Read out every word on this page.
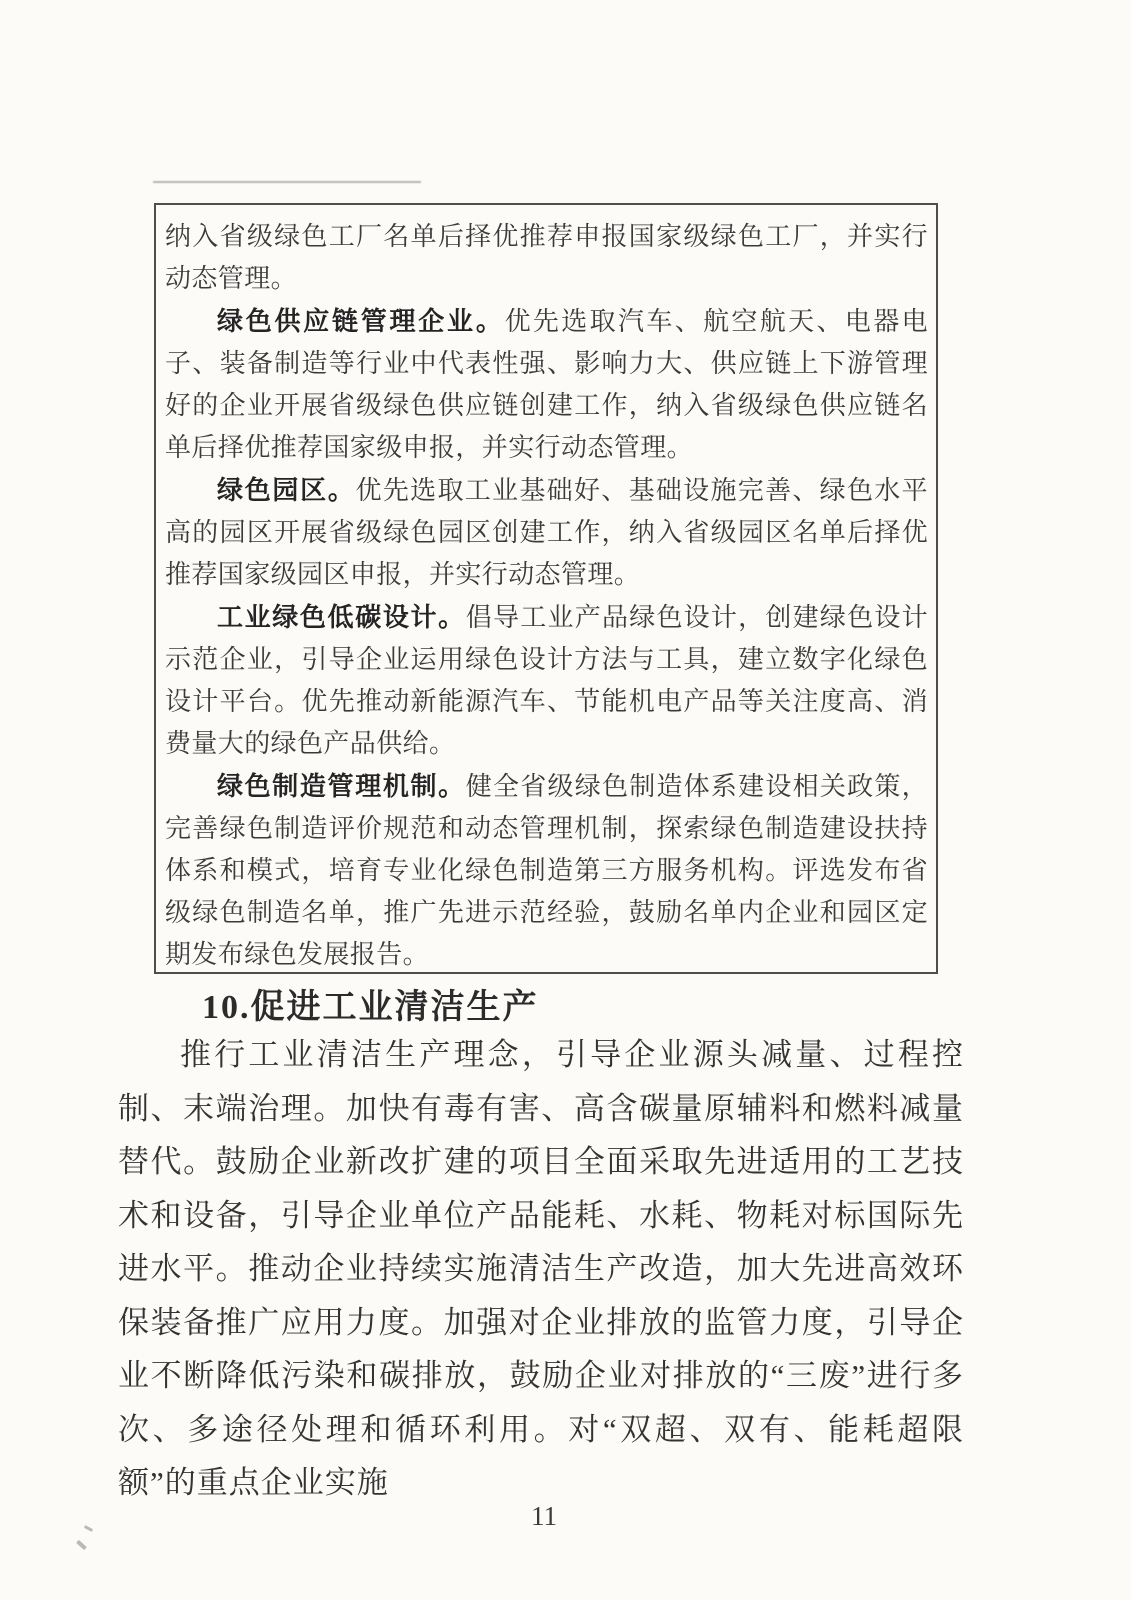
纳入省级绿色工厂名单后择优推荐申报国家级绿色工厂，并实行动态管理。

绿色供应链管理企业。优先选取汽车、航空航天、电器电子、装备制造等行业中代表性强、影响力大、供应链上下游管理好的企业开展省级绿色供应链创建工作，纳入省级绿色供应链名单后择优推荐国家级申报，并实行动态管理。

绿色园区。优先选取工业基础好、基础设施完善、绿色水平高的园区开展省级绿色园区创建工作，纳入省级园区名单后择优推荐国家级园区申报，并实行动态管理。

工业绿色低碳设计。倡导工业产品绿色设计，创建绿色设计示范企业，引导企业运用绿色设计方法与工具，建立数字化绿色设计平台。优先推动新能源汽车、节能机电产品等关注度高、消费量大的绿色产品供给。

绿色制造管理机制。健全省级绿色制造体系建设相关政策，完善绿色制造评价规范和动态管理机制，探索绿色制造建设扶持体系和模式，培育专业化绿色制造第三方服务机构。评选发布省级绿色制造名单，推广先进示范经验，鼓励名单内企业和园区定期发布绿色发展报告。

10.促进工业清洁生产

推行工业清洁生产理念，引导企业源头减量、过程控制、末端治理。加快有毒有害、高含碳量原辅料和燃料减量替代。鼓励企业新改扩建的项目全面采取先进适用的工艺技术和设备，引导企业单位产品能耗、水耗、物耗对标国际先进水平。推动企业持续实施清洁生产改造，加大先进高效环保装备推广应用力度。加强对企业排放的监管力度，引导企业不断降低污染和碳排放，鼓励企业对排放的“三废”进行多次、多途径处理和循环利用。对“双超、双有、能耗超限额”的重点企业实施

11
